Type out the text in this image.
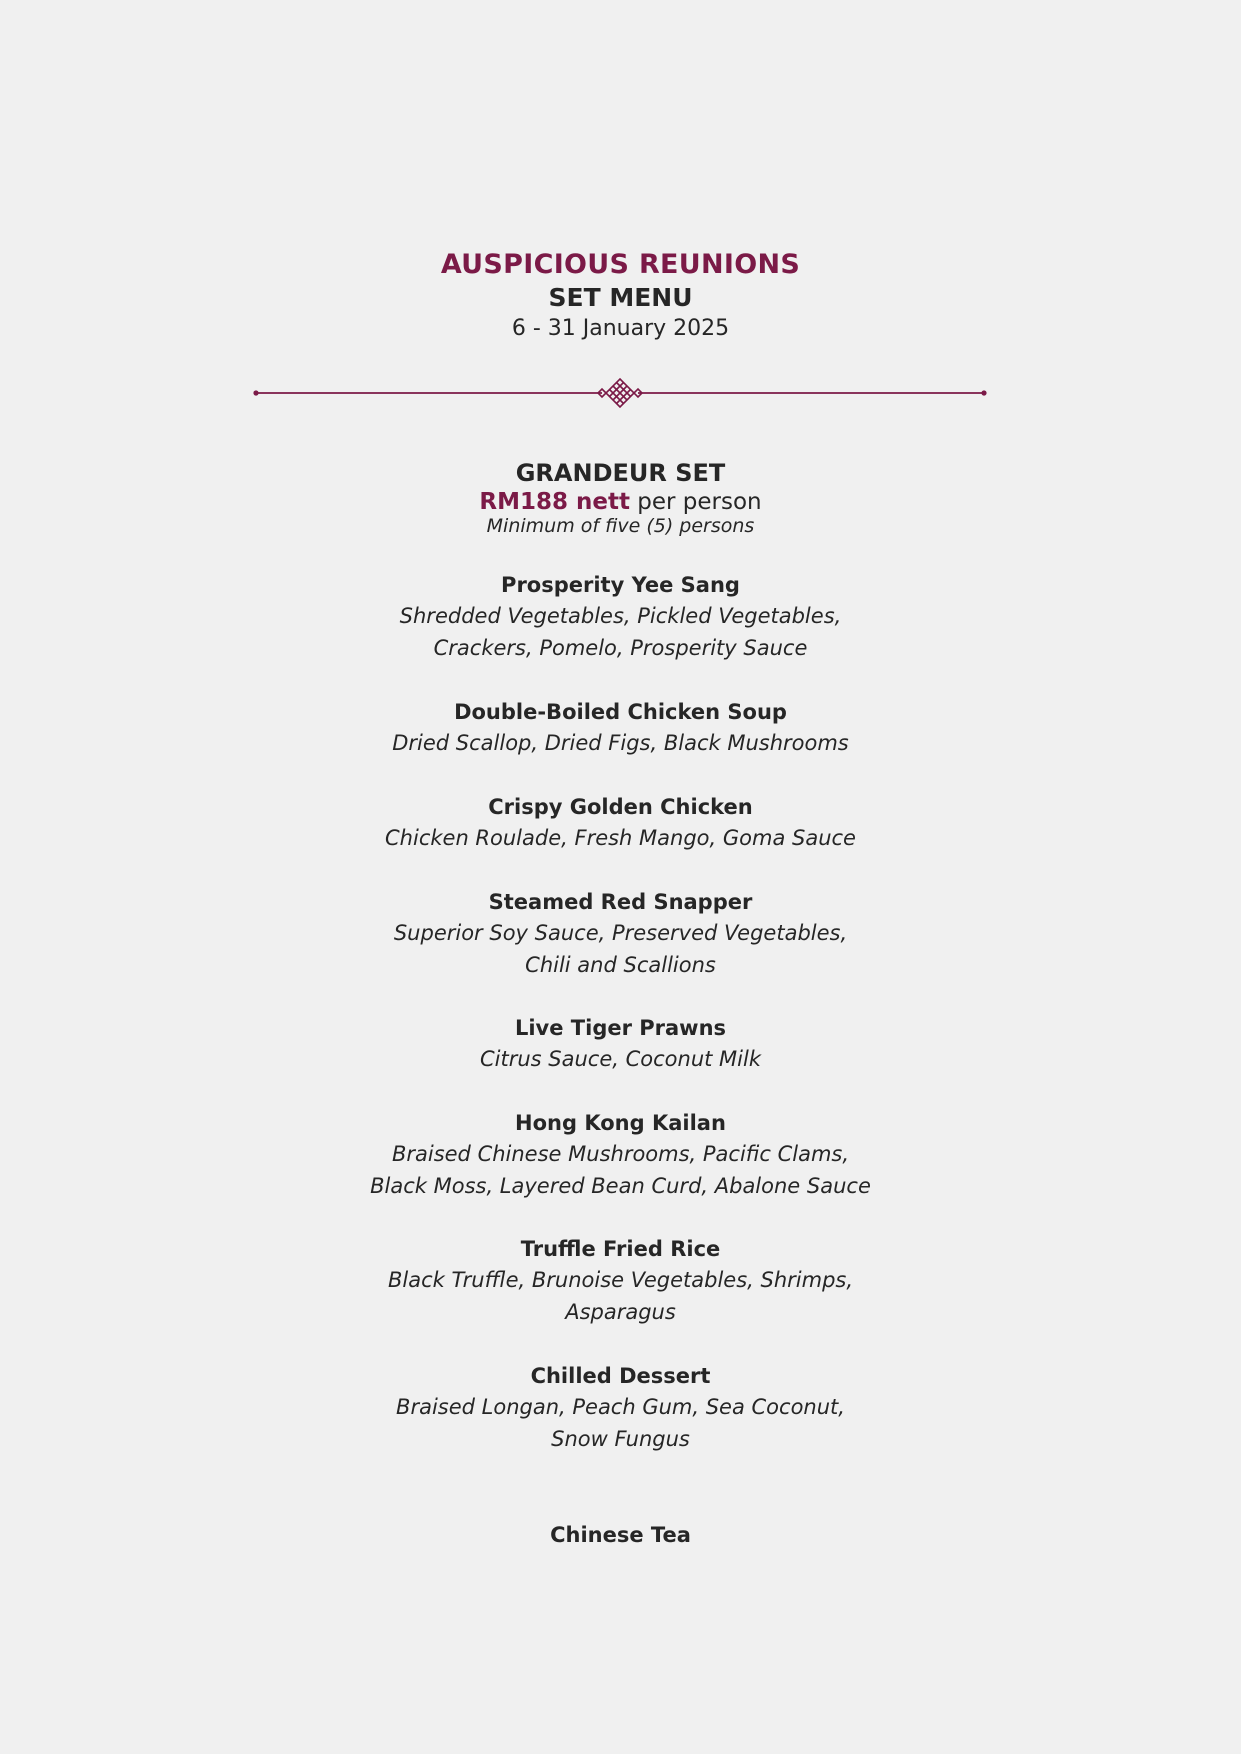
AUSPICIOUS REUNIONS
SET MENU
6 - 31 January 2025
GRANDEUR SET
RM188 nett per person
Minimum of five (5) persons
Prosperity Yee Sang
Shredded Vegetables, Pickled Vegetables,
Crackers, Pomelo, Prosperity Sauce
Double-Boiled Chicken Soup
Dried Scallop, Dried Figs, Black Mushrooms
Crispy Golden Chicken
Chicken Roulade, Fresh Mango, Goma Sauce
Steamed Red Snapper
Superior Soy Sauce, Preserved Vegetables,
Chili and Scallions
Live Tiger Prawns
Citrus Sauce, Coconut Milk
Hong Kong Kailan
Braised Chinese Mushrooms, Pacific Clams,
Black Moss, Layered Bean Curd, Abalone Sauce
Truffle Fried Rice
Black Truffle, Brunoise Vegetables, Shrimps,
Asparagus
Chilled Dessert
Braised Longan, Peach Gum, Sea Coconut,
Snow Fungus
Chinese Tea
